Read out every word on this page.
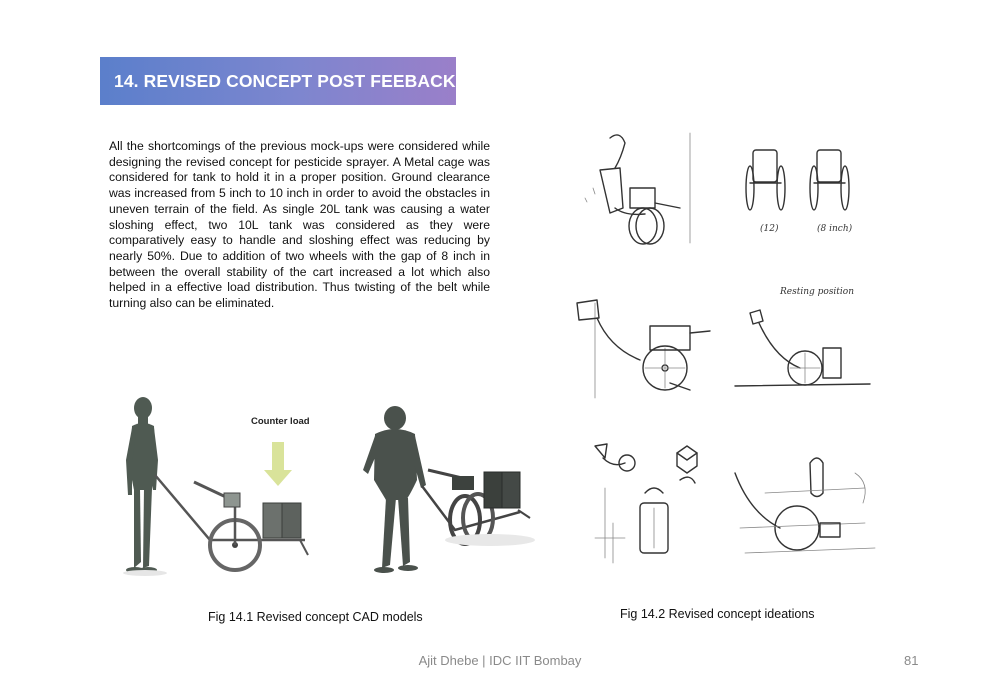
14. REVISED CONCEPT POST FEEBACK

All the shortcomings of the previous mock-ups were considered while designing the revised concept for pesticide sprayer. A Metal cage was considered for tank to hold it in a proper position. Ground clearance was increased from 5 inch to 10 inch in order to avoid the obstacles in uneven terrain of the field. As single 20L tank was causing a water sloshing effect, two 10L tank was considered as they were comparatively easy to handle and sloshing effect was reducing by nearly 50%. Due to addition of two wheels with the gap of 8 inch in between the overall stability of the cart increased a lot which also helped in a effective load distribution. Thus twisting of the belt while turning also can be eliminated.

Counter load
Fig 14.1 Revised concept CAD models
(12)	(8 inch)
Resting position
Fig 14.2 Revised concept ideations
Ajit Dhebe | IDC IIT Bombay	81
